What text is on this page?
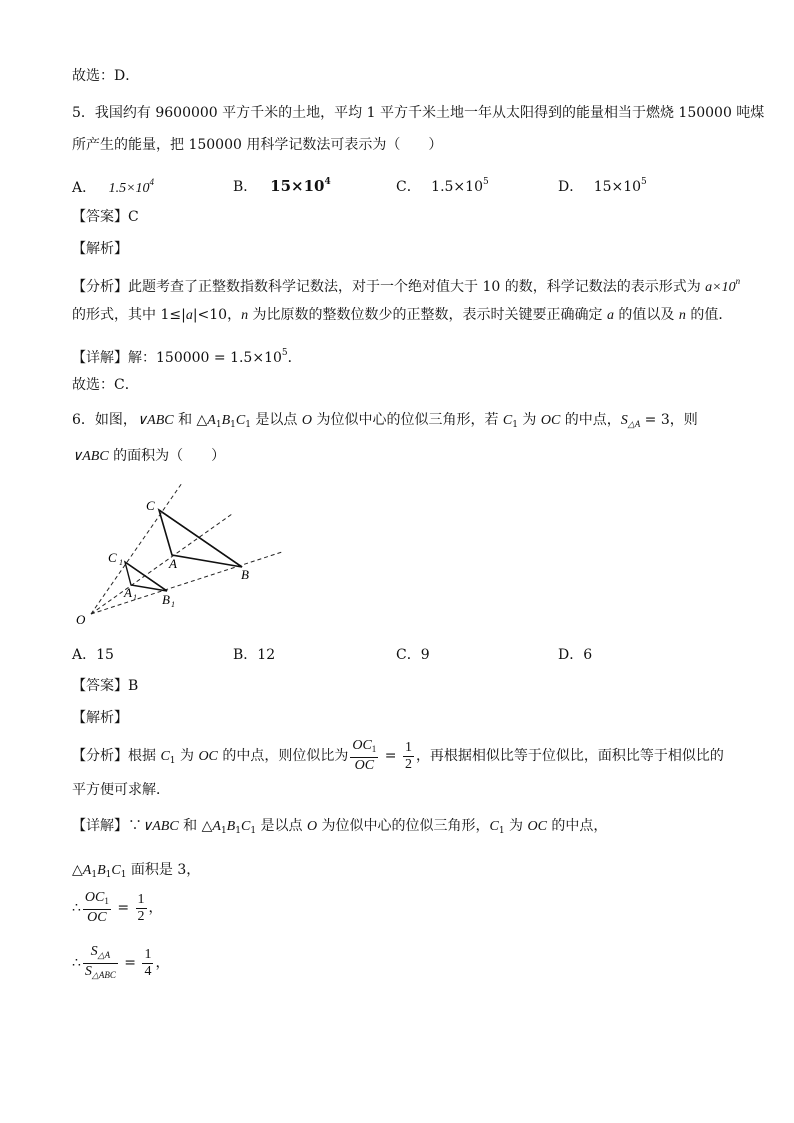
故选：D．
5．我国约有 9600000 平方千米的土地，平均 1 平方千米土地一年从太阳得到的能量相当于燃烧 150000 吨煤
所产生的能量，把 150000 用科学记数法可表示为（　　）
A． $1.5\times 10^4$	B． $15\times 10^4$	C． $1.5\times 10^5$	D． $15\times 10^5$
【答案】C
【解析】
【分析】此题考查了正整数指数科学记数法，对于一个绝对值大于 10 的数，科学记数法的表示形式为 $a\times 10^n$
的形式，其中 1≤|a|<10，n 为比原数的整数位数少的正整数，表示时关键要正确确定 a 的值以及 n 的值．
【详解】解：$150000 = 1.5\times 10^5$．
故选：C．
6．如图，∨ABC 和 $\triangle A_1B_1C_1$ 是以点 O 为位似中心的位似三角形，若 $C_1$ 为 OC 的中点，$S_{\triangle A} = 3$，则
∨ABC 的面积为（　　）
C
A
B
C 1
A 1 B 1
O
A．15	B．12	C．9	D．6
【答案】B
【解析】
【分析】根据 $C_1$ 为 OC 的中点，则位似比为 $\frac{OC_1}{OC} = \frac{1}{2}$ ，再根据相似比等于位似比，面积比等于相似比的
平方便可求解．
【详解】∵∨ABC 和 $\triangle A_1B_1C_1$ 是以点 O 为位似中心的位似三角形，$C_1$ 为 OC 的中点，
$\triangle A_1B_1C_1$ 面积是 3，
∴ $\frac{OC_1}{OC} = \frac{1}{2}$ ，
∴ $\frac{S_{\triangle A}}{S_{\triangle ABC}} = \frac{1}{4}$ ，
